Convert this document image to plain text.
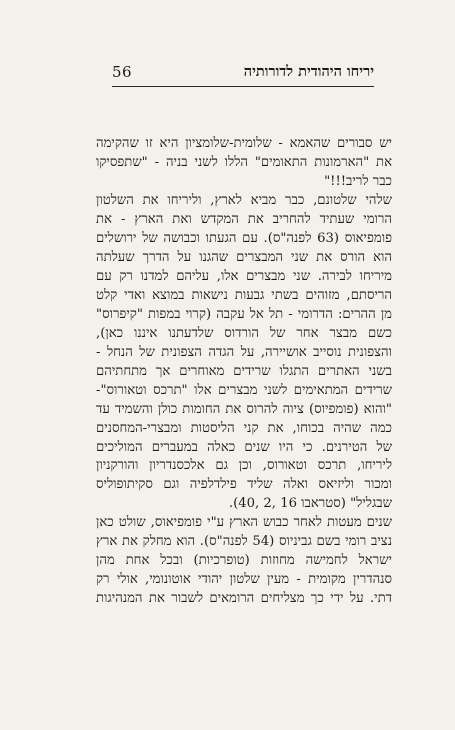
56	יריחו היהודית לדורותיה
יש סבורים שהאמא - שלומית-שלומציון היא זו שהקימה
את "הארמונות התאומים" הללו לשני בניה - "שתפסיקו
כבר לריב!!!"
שלהי שלטונם, כבר מביא לארץ, וליריחו את השלטון
הרומי שעתיד להחריב את המקדש ואת הארץ - את
פומפיאוס (63 לפנה"ס). עם הגעתו וכבושה של ירושלים
הוא הורס את שני המבצרים שהגנו על הדרך שעלתה
מיריחו לבירה. שני מבצרים אלו, עליהם למדנו רק עם
הריסתם, מזוהים בשתי גבעות נישאות במוצא ואדי קלט
מן ההרים: הדרומי - תל אל עקבה (קרוי במפות "קיפרוס"
כשם מבצר אחר של הורדוס שלדעתנו איננו כאן),
והצפונית נוסייב אושיירה, על הגדה הצפונית של הנחל -
בשני האתרים התגלו שרידים מאוחרים אך מתחתיהם
שרידים המתאימים לשני מבצרים אלו "תרכס וטאורוס"-
"והוא (פומפיוס) ציוה להרוס את החומות כולן והשמיד עד
כמה שהיה בכוחו, את קני הליסטות ומבצרי-המחסנים
של הטירנים. כי היו שנים כאלה במעברים המוליכים
ליריחו, תרכס וטאורוס, וכן גם אלכסנדריון והורקניון
ומכור וליזיאס ואלה שליד פילדלפיה וגם סקיתופוליס
שבגליל" (סטראבו 16 ,2 ,40).
שנים מעטות לאחר כבוש הארץ ע"י פומפיאוס, שולט כאן
נציב רומי בשם גביניוס (54 לפנה"ס). הוא מחלק את ארץ
ישראל לחמישה מחוזות (טופרכיות) ובכל אחת מהן
סנהדרין מקומית - מעין שלטון יהודי אוטונומי, אולי רק
דתי. על ידי כך מצליחים הרומאים לשבור את המנהיגות
